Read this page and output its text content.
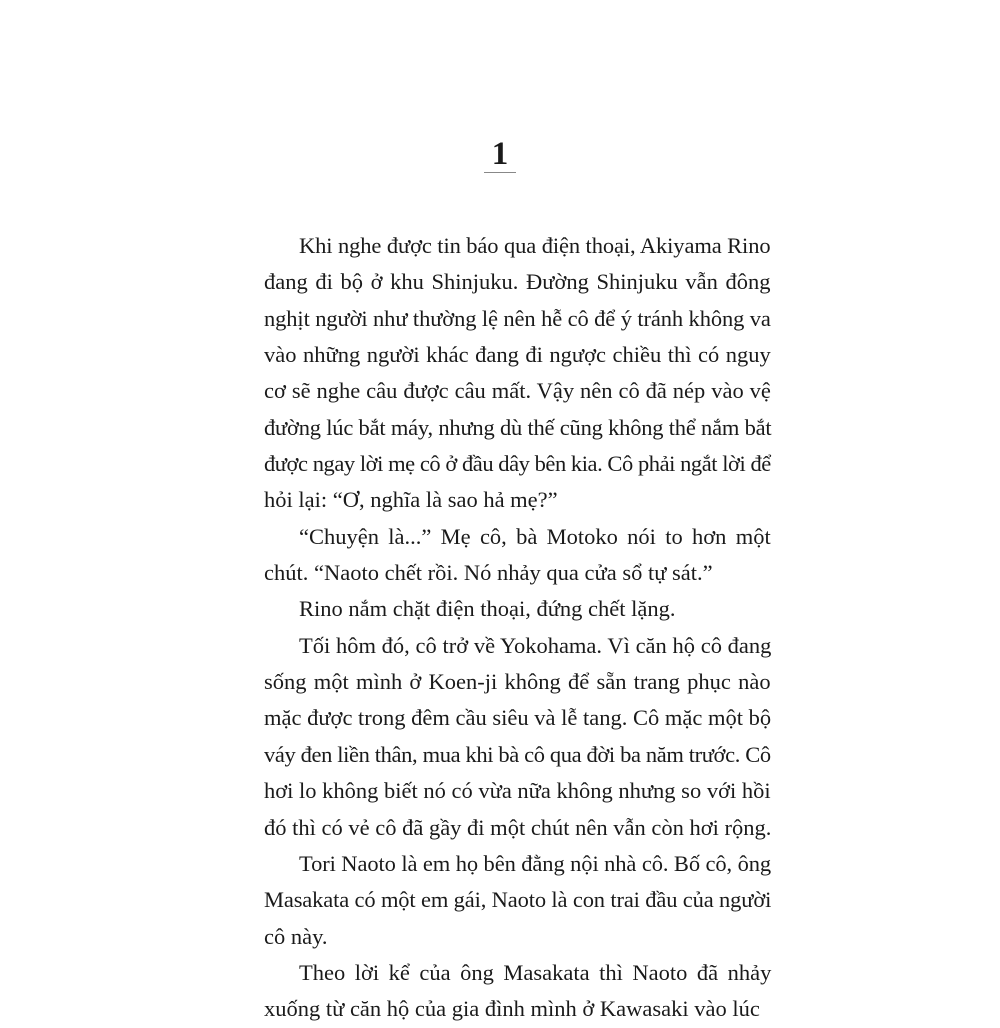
1
Khi nghe được tin báo qua điện thoại, Akiyama Rino
đang đi bộ ở khu Shinjuku. Đường Shinjuku vẫn đông
nghịt người như thường lệ nên hễ cô để ý tránh không va
vào những người khác đang đi ngược chiều thì có nguy
cơ sẽ nghe câu được câu mất. Vậy nên cô đã nép vào vệ
đường lúc bắt máy, nhưng dù thế cũng không thể nắm bắt
được ngay lời mẹ cô ở đầu dây bên kia. Cô phải ngắt lời để
hỏi lại: “Ơ, nghĩa là sao hả mẹ?”
“Chuyện là...” Mẹ cô, bà Motoko nói to hơn một
chút. “Naoto chết rồi. Nó nhảy qua cửa sổ tự sát.”
Rino nắm chặt điện thoại, đứng chết lặng.
Tối hôm đó, cô trở về Yokohama. Vì căn hộ cô đang
sống một mình ở Koen-ji không để sẵn trang phục nào
mặc được trong đêm cầu siêu và lễ tang. Cô mặc một bộ
váy đen liền thân, mua khi bà cô qua đời ba năm trước. Cô
hơi lo không biết nó có vừa nữa không nhưng so với hồi
đó thì có vẻ cô đã gầy đi một chút nên vẫn còn hơi rộng.
Tori Naoto là em họ bên đằng nội nhà cô. Bố cô, ông
Masakata có một em gái, Naoto là con trai đầu của người
cô này.
Theo lời kể của ông Masakata thì Naoto đã nhảy
xuống từ căn hộ của gia đình mình ở Kawasaki vào lúc
